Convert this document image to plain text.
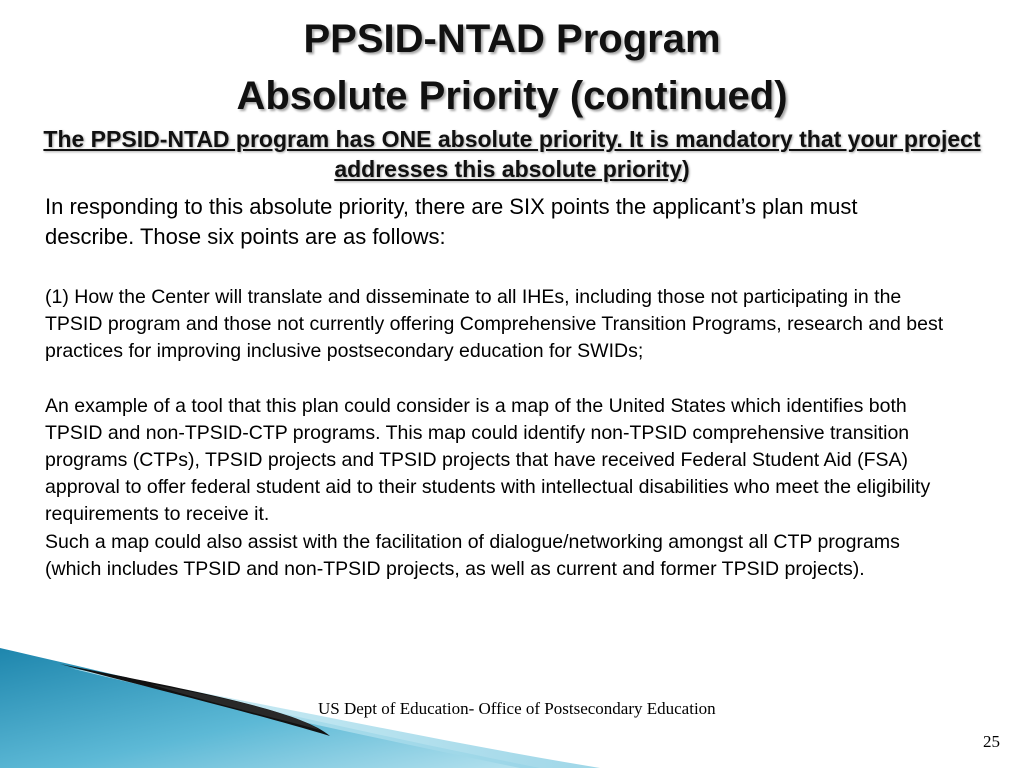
PPSID-NTAD Program
Absolute Priority (continued)
The PPSID-NTAD program has ONE absolute priority. It is mandatory that your project addresses this absolute priority)
In responding to this absolute priority, there are SIX points the applicant’s plan must describe. Those six points are as follows:

(1) How the Center will translate and disseminate to all IHEs, including those not participating in the TPSID program and those not currently offering Comprehensive Transition Programs, research and best practices for improving inclusive postsecondary education for SWIDs;

An example of a tool that this plan could consider is a map of the United States which identifies both TPSID and non-TPSID-CTP programs. This map could identify non-TPSID comprehensive transition programs (CTPs), TPSID projects and TPSID projects that have received Federal Student Aid (FSA) approval to offer federal student aid to their students with intellectual disabilities who meet the eligibility requirements to receive it.

Such a map could also assist with the facilitation of dialogue/networking amongst all CTP programs (which includes TPSID and non-TPSID projects, as well as current and former TPSID projects).

US Dept of Education- Office of Postsecondary Education
25
